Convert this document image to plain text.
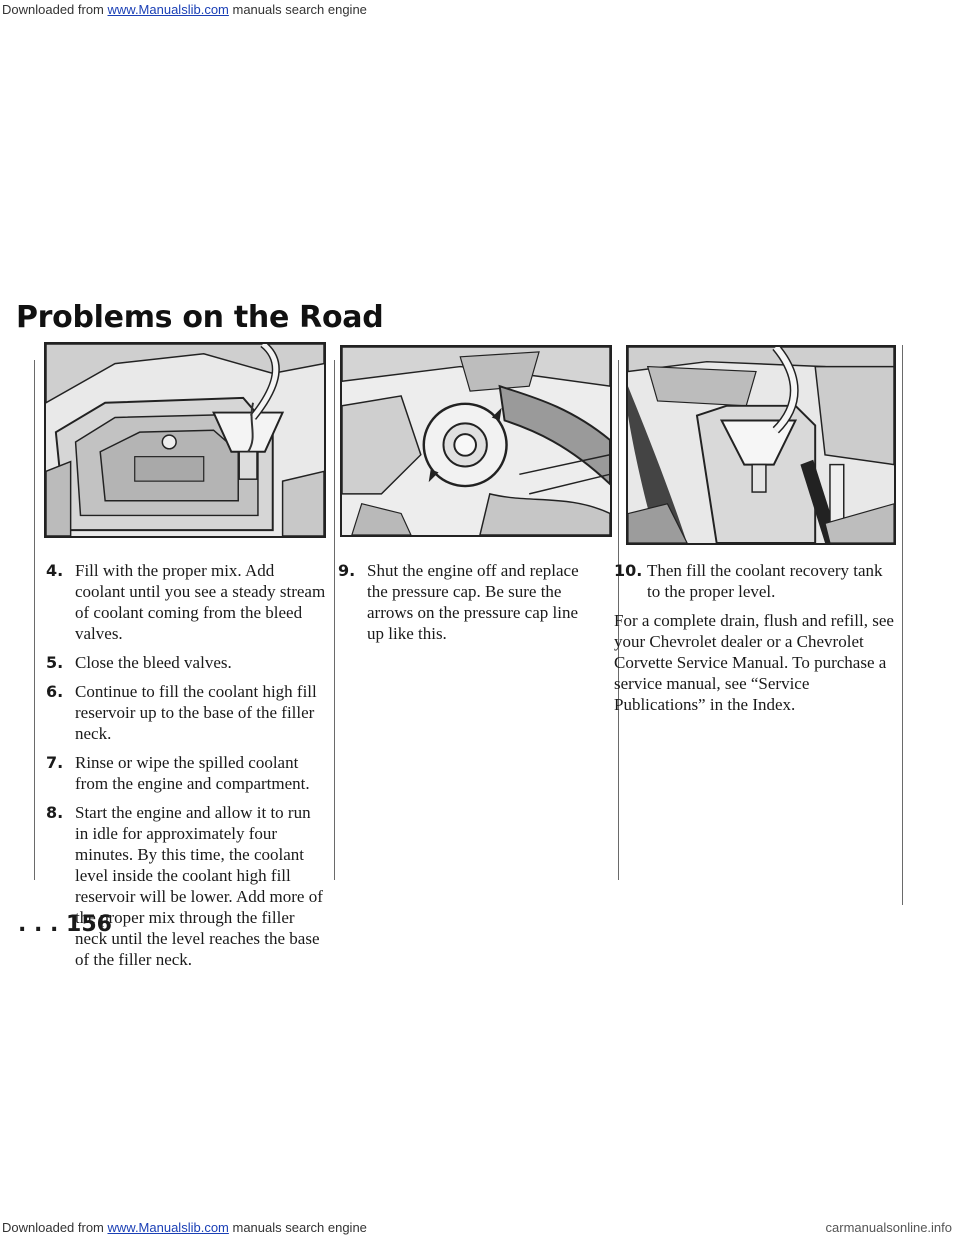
Downloaded from www.Manualslib.com manuals search engine
Problems on the Road
4. Fill with the proper mix. Add coolant until you see a steady stream of coolant coming from the bleed valves.
5. Close the bleed valves.
6. Continue to fill the coolant high fill reservoir up to the base of the filler neck.
7. Rinse or wipe the spilled coolant from the engine and compartment.
8. Start the engine and allow it to run in idle for approximately four minutes. By this time, the coolant level inside the coolant high fill reservoir will be lower. Add more of the proper mix through the filler neck until the level reaches the base of the filler neck.
9. Shut the engine off and replace the pressure cap. Be sure the arrows on the pressure cap line up like this.
10. Then fill the coolant recovery tank to the proper level.

For a complete drain, flush and refill, see your Chevrolet dealer or a Chevrolet Corvette Service Manual. To purchase a service manual, see “Service Publications” in the Index.

. . . 156
Downloaded from www.Manualslib.com manuals search engine	carmanualsonline.info
